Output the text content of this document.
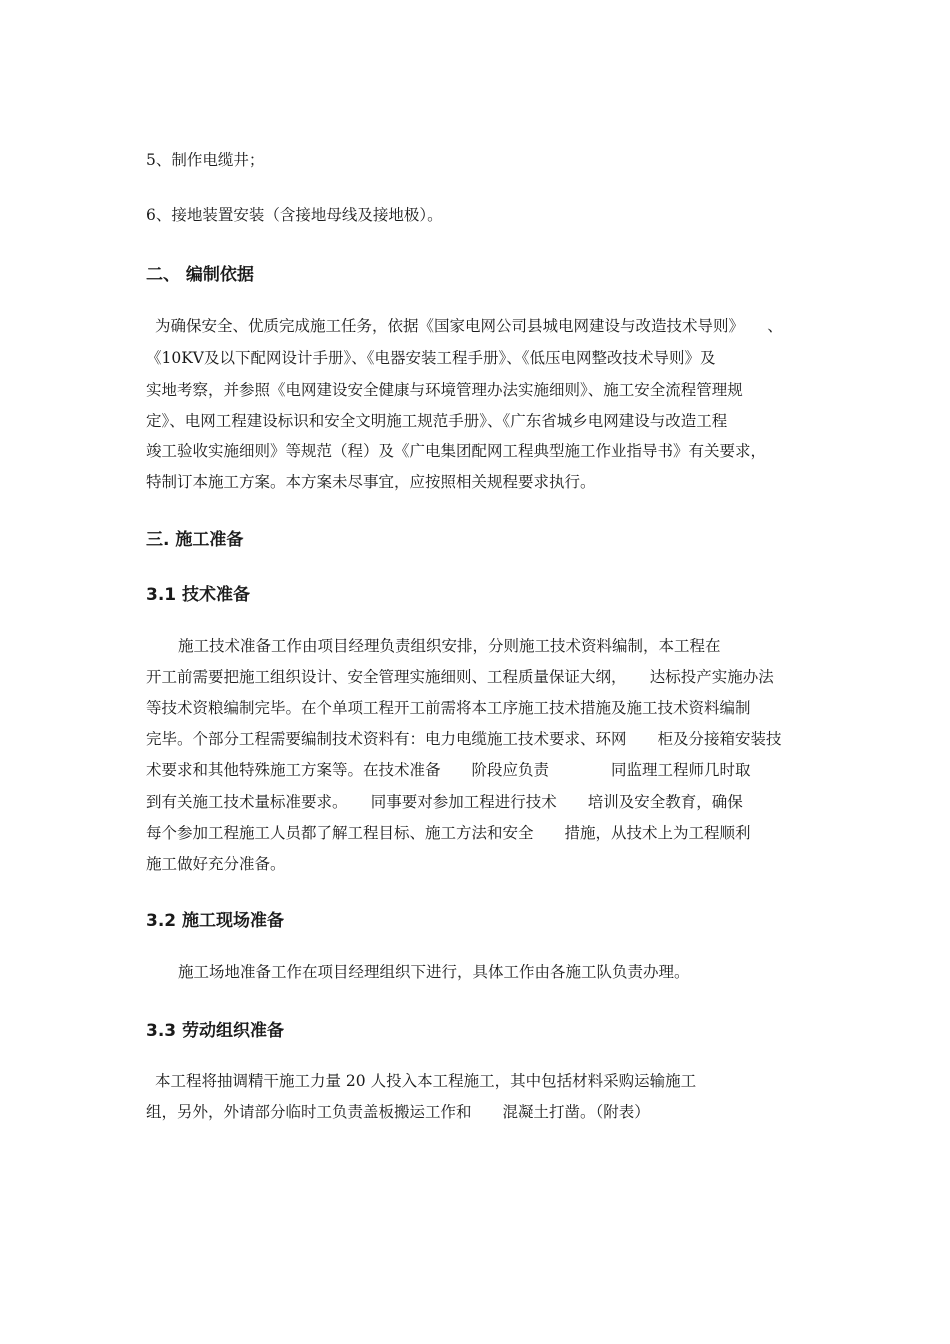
5、制作电缆井；
6、接地装置安装（含接地母线及接地极）。
二、 编制依据
为确保安全、优质完成施工任务，依据《国家电网公司县城电网建设与改造技术导则》　　、
《10KV及以下配网设计手册》、《电器安装工程手册》、《低压电网整改技术导则》及
实地考察，并参照《电网建设安全健康与环境管理办法实施细则》、施工安全流程管理规
定》、电网工程建设标识和安全文明施工规范手册》、《广东省城乡电网建设与改造工程
竣工验收实施细则》等规范（程）及《广电集团配网工程典型施工作业指导书》有关要求，
特制订本施工方案。本方案未尽事宜，应按照相关规程要求执行。
三. 施工准备
3.1 技术准备
施工技术准备工作由项目经理负责组织安排，分则施工技术资料编制，本工程在
开工前需要把施工组织设计、安全管理实施细则、工程质量保证大纲，　　达标投产实施办法
等技术资粮编制完毕。在个单项工程开工前需将本工序施工技术措施及施工技术资料编制
完毕。个部分工程需要编制技术资料有：电力电缆施工技术要求、环网　　柜及分接箱安装技
术要求和其他特殊施工方案等。在技术准备　　阶段应负责　　　　同监理工程师几时取
到有关施工技术量标准要求。　　同事要对参加工程进行技术　　培训及安全教育，确保
每个参加工程施工人员都了解工程目标、施工方法和安全　　措施，从技术上为工程顺利
施工做好充分准备。
3.2 施工现场准备
施工场地准备工作在项目经理组织下进行，具体工作由各施工队负责办理。
3.3 劳动组织准备
本工程将抽调精干施工力量 20 人投入本工程施工，其中包括材料采购运输施工
组，另外，外请部分临时工负责盖板搬运工作和　　混凝土打凿。（附表）
